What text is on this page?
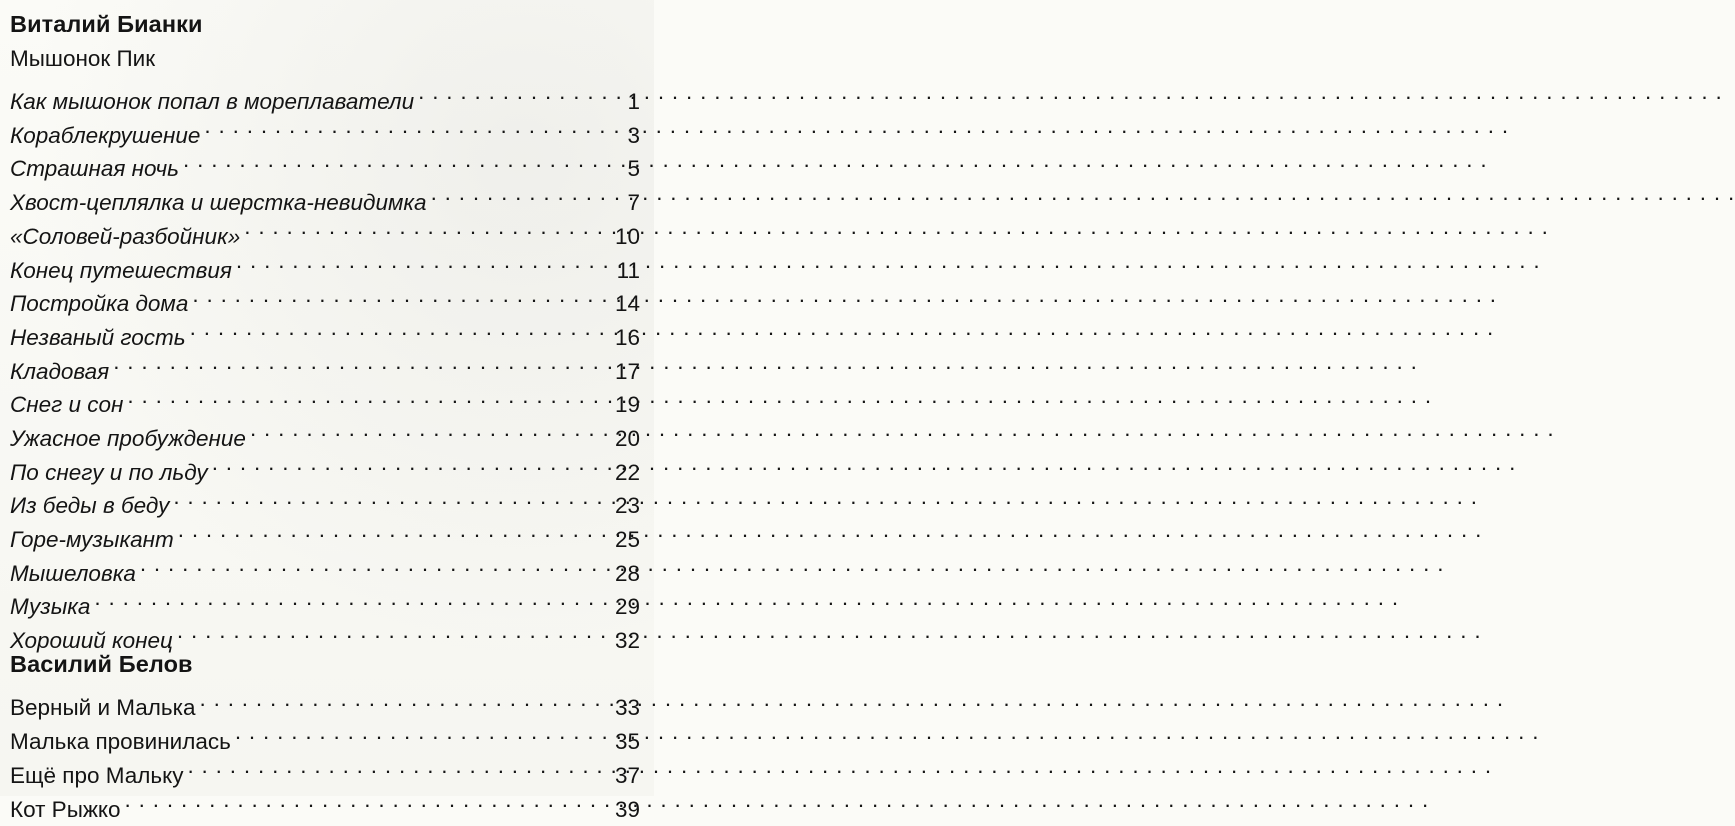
Виталий Бианки
Мышонок Пик
Как мышонок попал в мореплаватели . . .	1
Кораблекрушение . . .	3
Страшная ночь . . .	5
Хвост-цеплялка и шерстка-невидимка . . .	7
«Соловей-разбойник» . . .	10
Конец путешествия . . .	11
Постройка дома . . .	14
Незваный гость . . .	16
Кладовая . . .	17
Снег и сон . . .	19
Ужасное пробуждение . . .	20
По снегу и по льду . . .	22
Из беды в беду . . .	23
Горе-музыкант . . .	25
Мышеловка . . .	28
Музыка . . .	29
Хороший конец . . .	32
Василий Белов
Верный и Малька . . .	33
Малька провинилась . . .	35
Ещё про Мальку . . .	37
Кот Рыжко . . .	39
